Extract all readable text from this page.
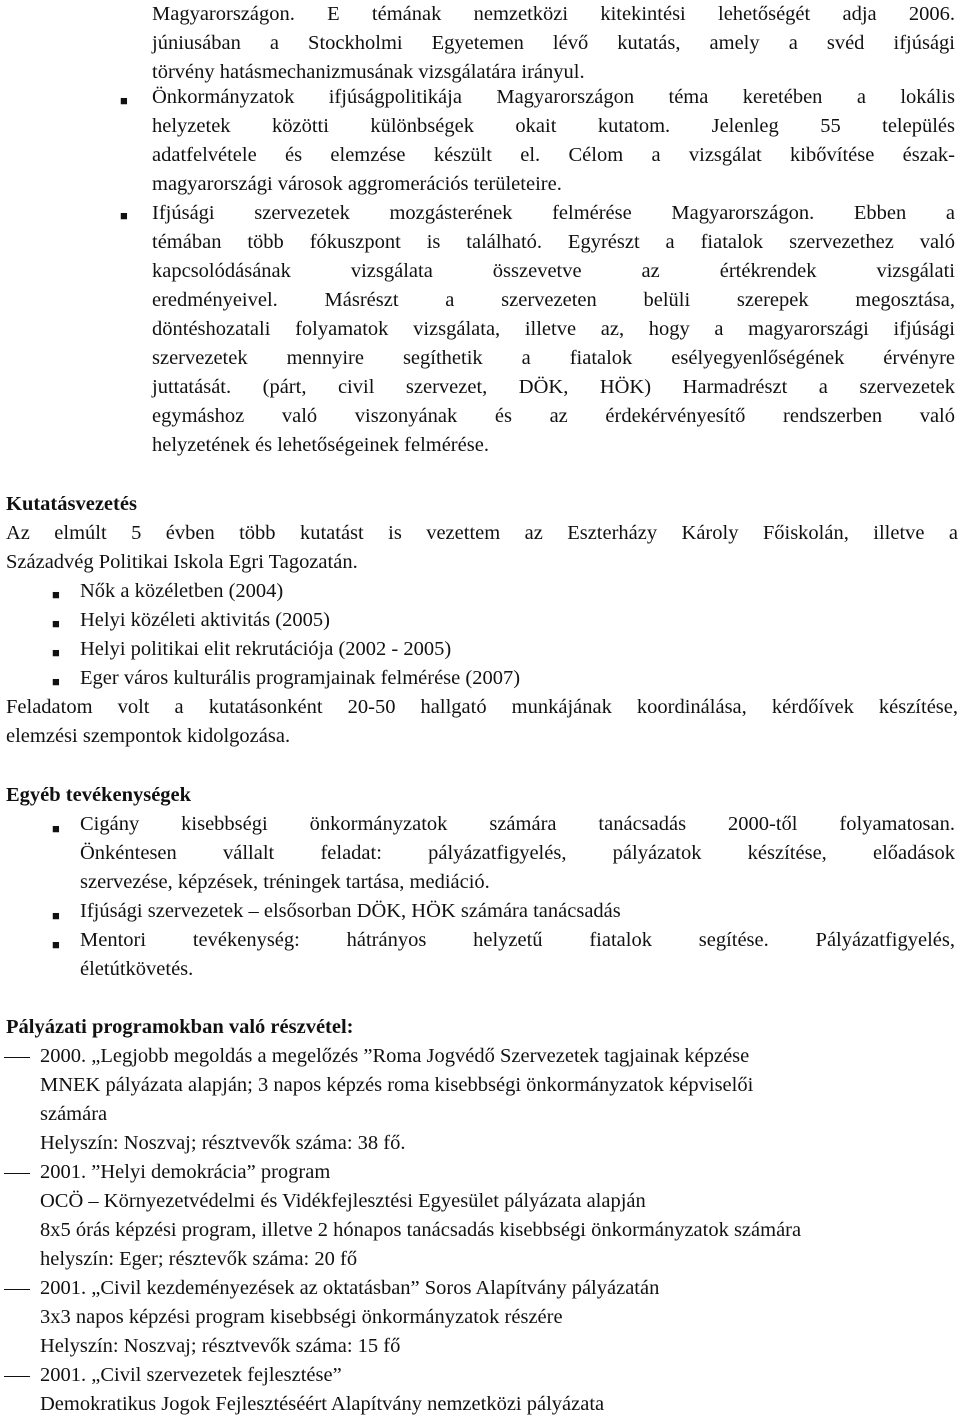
Magyarországon. E témának nemzetközi kitekintési lehetőségét adja 2006.
júniusában a Stockholmi Egyetemen lévő kutatás, amely a svéd ifjúsági
törvény hatásmechanizmusának vizsgálatára irányul.
■ Önkormányzatok ifjúságpolitikája Magyarországon téma keretében a lokális
helyzetek közötti különbségek okait kutatom. Jelenleg 55 település
adatfelvétele és elemzése készült el. Célom a vizsgálat kibővítése észak-
magyarországi városok aggromerációs területeire.
■ Ifjúsági szervezetek mozgásterének felmérése Magyarországon. Ebben a
témában több fókuszpont is található. Egyrészt a fiatalok szervezethez való
kapcsolódásának vizsgálata összevetve az értékrendek vizsgálati
eredményeivel. Másrészt a szervezeten belüli szerepek megosztása,
döntéshozatali folyamatok vizsgálata, illetve az, hogy a magyarországi ifjúsági
szervezetek mennyire segíthetik a fiatalok esélyegyenlőségének érvényre
juttatását. (párt, civil szervezet, DÖK, HÖK) Harmadrészt a szervezetek
egymáshoz való viszonyának és az érdekérvényesítő rendszerben való
helyzetének és lehetőségeinek felmérése.
Kutatásvezetés
Az elmúlt 5 évben több kutatást is vezettem az Eszterházy Károly Főiskolán, illetve a
Századvég Politikai Iskola Egri Tagozatán.
■ Nők a közéletben (2004)
■ Helyi közéleti aktivitás (2005)
■ Helyi politikai elit rekrutációja (2002 - 2005)
■ Eger város kulturális programjainak felmérése (2007)
Feladatom volt a kutatásonként 20-50 hallgató munkájának koordinálása, kérdőívek készítése,
elemzési szempontok kidolgozása.
Egyéb tevékenységek
■ Cigány kisebbségi önkormányzatok számára tanácsadás 2000-től folyamatosan.
Önkéntesen vállalt feladat: pályázatfigyelés, pályázatok készítése, előadások
szervezése, képzések, tréningek tartása, mediáció.
■ Ifjúsági szervezetek – elsősorban DÖK, HÖK számára tanácsadás
■ Mentori tevékenység: hátrányos helyzetű fiatalok segítése. Pályázatfigyelés,
életútkövetés.
Pályázati programokban való részvétel:
2000. „Legjobb megoldás a megelőzés ”Roma Jogvédő Szervezetek tagjainak képzése
MNEK pályázata alapján; 3 napos képzés roma kisebbségi önkormányzatok képviselői
számára
Helyszín: Noszvaj; résztvevők száma: 38 fő.
2001. ”Helyi demokrácia” program
OCÖ – Környezetvédelmi és Vidékfejlesztési Egyesület pályázata alapján
8x5 órás képzési program, illetve 2 hónapos tanácsadás kisebbségi önkormányzatok számára
helyszín: Eger; résztevők száma: 20 fő
2001. „Civil kezdeményezések az oktatásban” Soros Alapítvány pályázatán
3x3 napos képzési program kisebbségi önkormányzatok részére
Helyszín: Noszvaj; résztvevők száma: 15 fő
2001. „Civil szervezetek fejlesztése”
Demokratikus Jogok Fejlesztéséért Alapítvány nemzetközi pályázata
